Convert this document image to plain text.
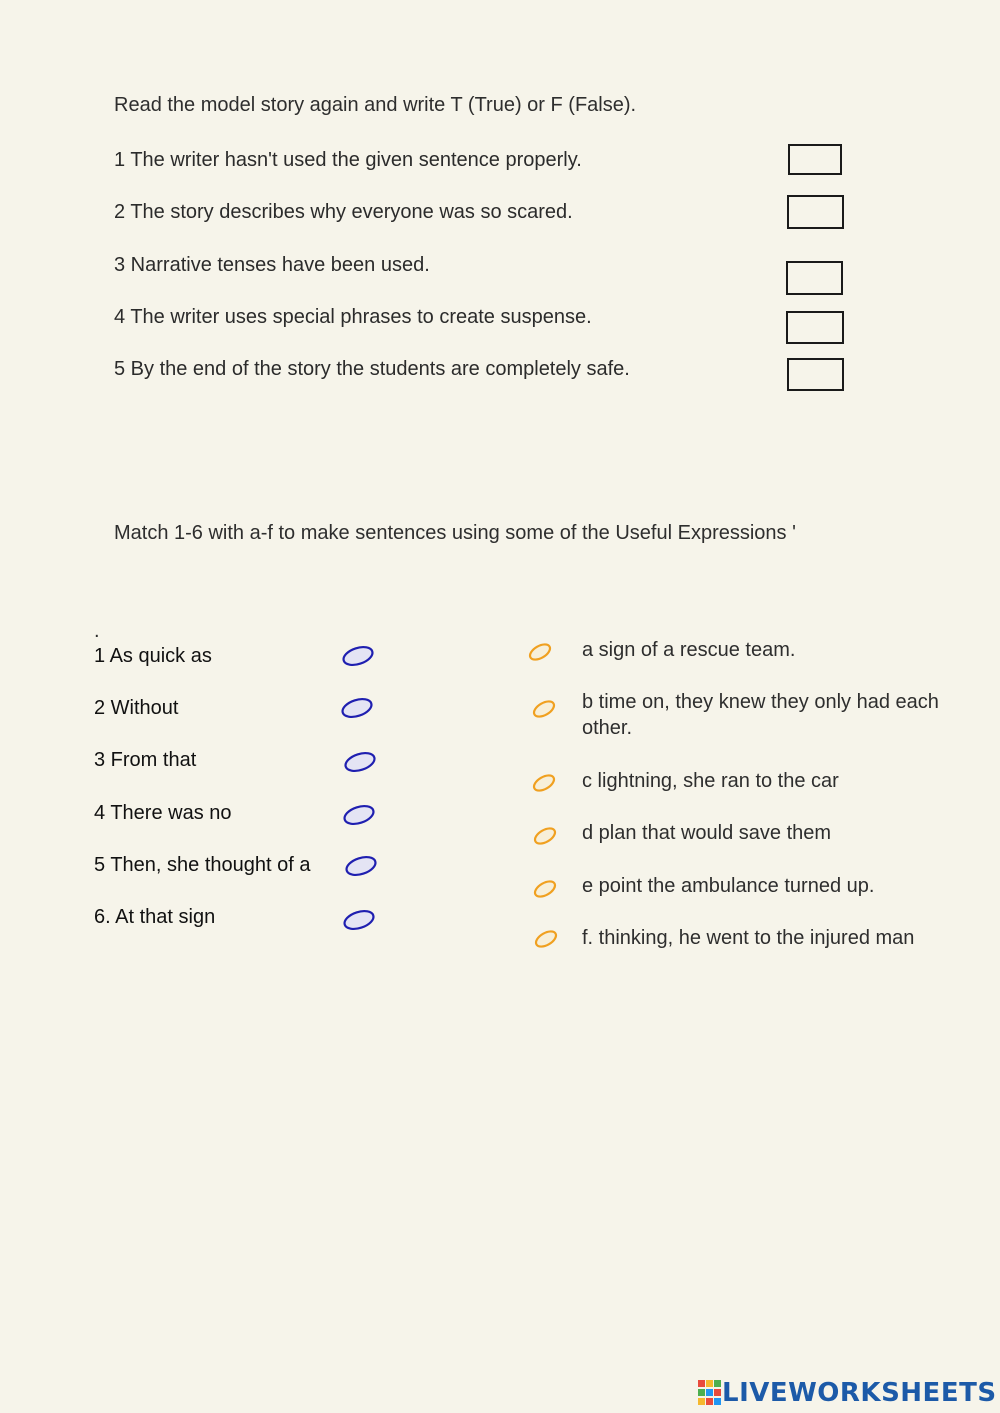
Read the model story again and write T (True) or F (False).
1 The writer hasn't used the given sentence properly.
2 The story describes why everyone was so scared.
3 Narrative tenses have been used.
4 The writer uses special phrases to create suspense.
5 By the end of the story the students are completely safe.
Match 1-6 with a-f to make sentences using some of the Useful Expressions '
.
1 As quick as
2 Without
3 From that
4 There was no
5 Then, she thought of a
6. At that sign
a sign of a rescue team.
b time on, they knew they only had each other.
c lightning, she ran to the car
d plan that would save them
e point the ambulance turned up.
f. thinking, he went to the injured man
LIVEWORKSHEETS
